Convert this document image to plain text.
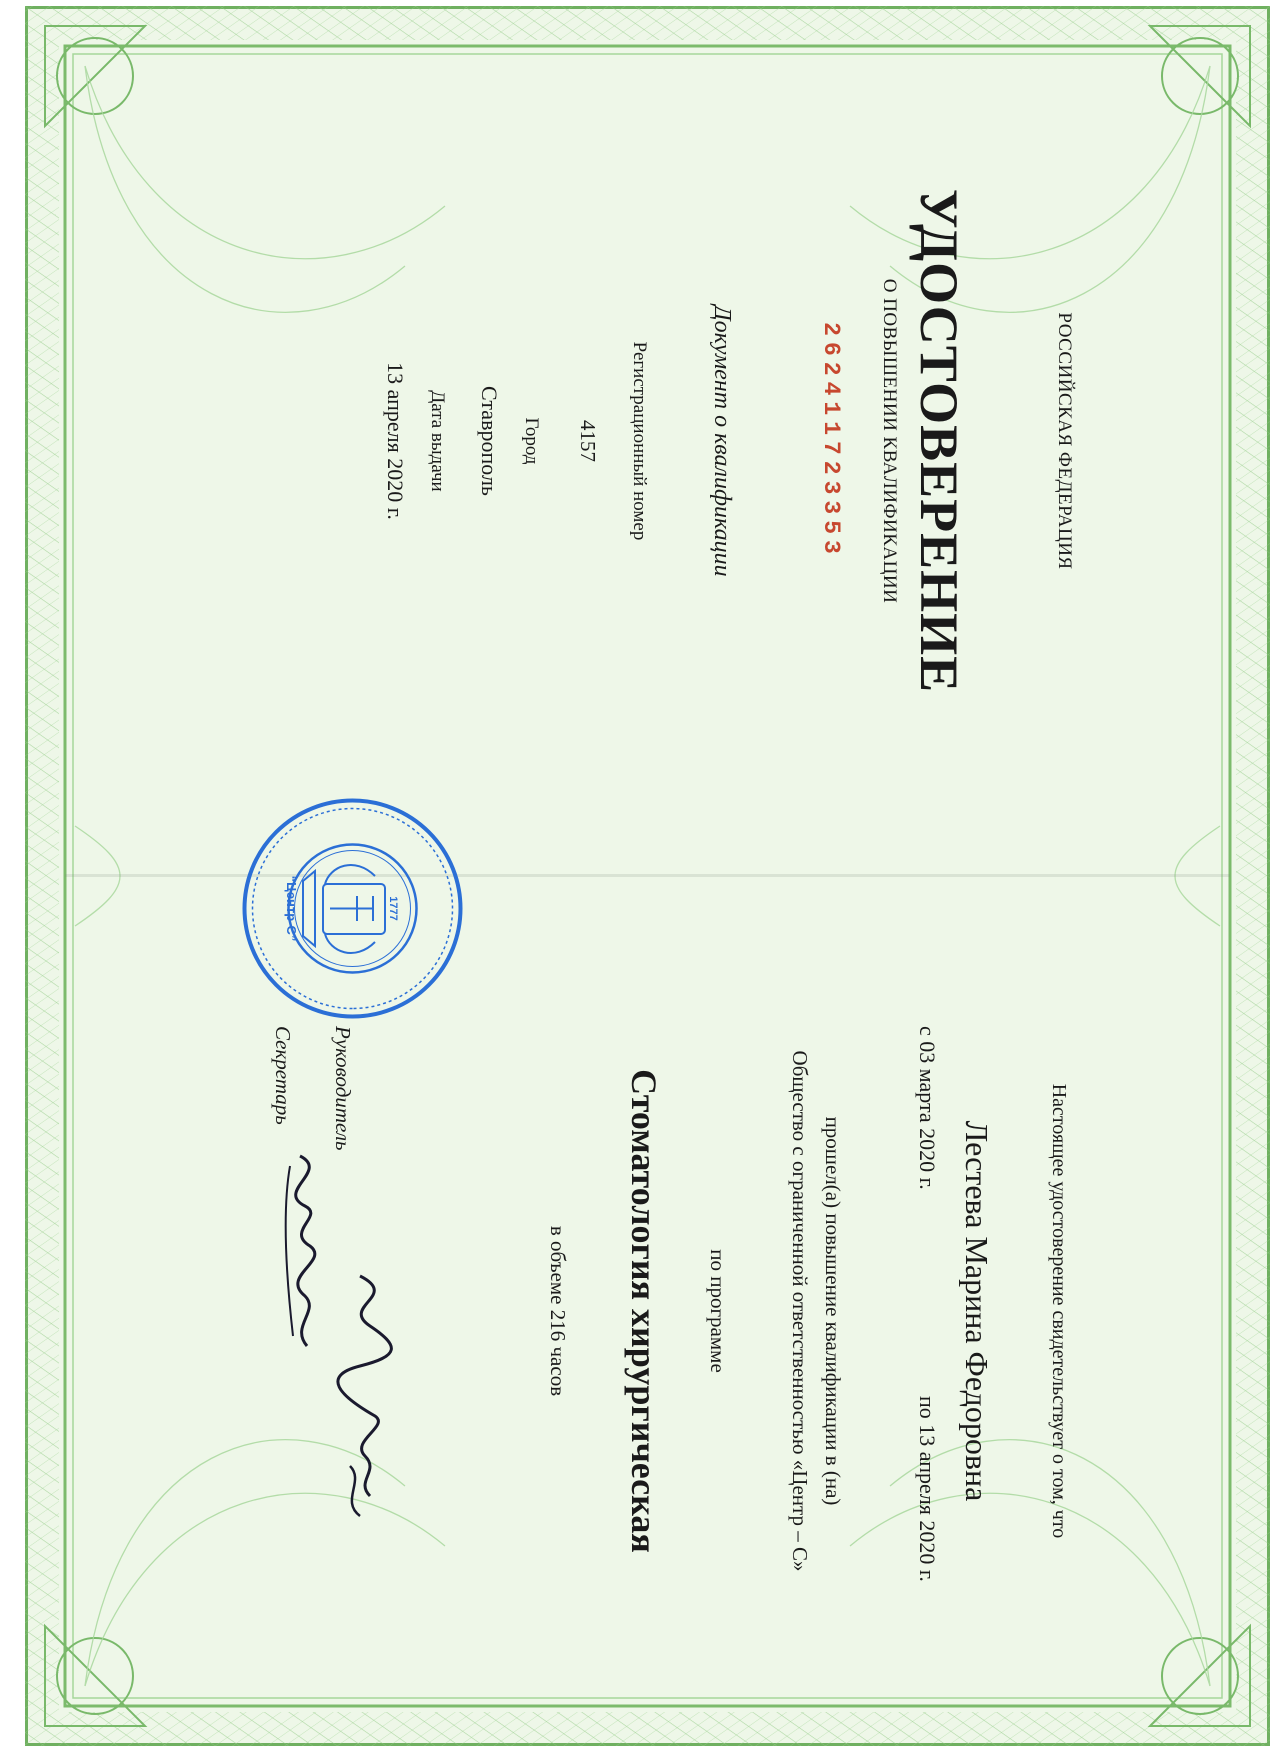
РОССИЙСКАЯ ФЕДЕРАЦИЯ
УДОСТОВЕРЕНИЕ
О ПОВЫШЕНИИ КВАЛИФИКАЦИИ
262411723353
Документ о квалификации
Регистрационный номер
4157
Город
Ставрополь
Дата выдачи
13 апреля 2020 г.
Настоящее удостоверение свидетельствует о том, что
Лестева Марина Федоровна
с 03 марта 2020 г.
по 13 апреля 2020 г.
прошел(а) повышение квалификации в (на)
Общество с ограниченной ответственностью «Центр – С»
по программе
Стоматология хирургическая
в объеме 216 часов
Руководитель
Секретарь
1777
“Центр-С”
